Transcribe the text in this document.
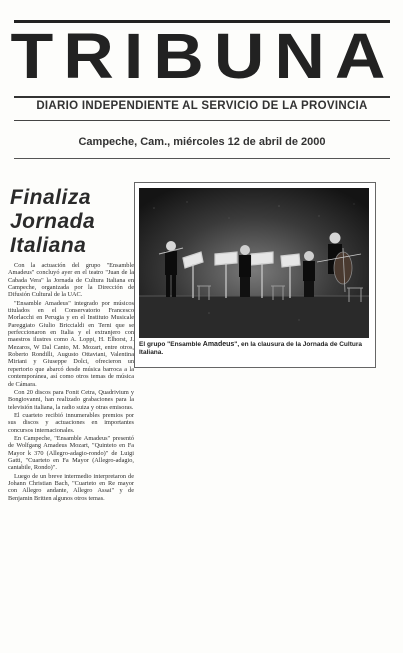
TRIBUNA
DIARIO INDEPENDIENTE AL SERVICIO DE LA PROVINCIA
Campeche, Cam., miércoles 12 de abril de 2000
Finaliza
Jornada
Italiana

Con la actuación del grupo "Ensamble Amadeus" concluyó ayer en el teatro "Juan de la Cabada Vera" la Jornada de Cultura Italiana en Campeche, organizada por la Dirección de Difusión Cultural de la UAC.

"Ensamble Amadeus" integrado por músicos titulados en el Conservatorio Francesco Morlacchi en Perugia y en el Instituto Musicale Pareggiato Giulio Briccialdi en Terni que se perfeccionaron en Italia y el extranjero con maestros ilustres como A. Loppi, H. Elhorst, J. Mezaros, W Dal Canto, M. Mozart, entre otros, Roberto Rondilli, Augusto Ottaviani, Valentina Miriani y Giuseppe Dolci, ofrecieron un repertorio que abarcó desde música barroca a la contemporánea, así como otros temas de música de Cámara.

Con 20 discos para Fonit Cetra, Quadrivium y Bongiovanni, han realizado grabaciones para la televisión italiana, la radio suiza y otras emisoras.

El cuarteto recibió innumerables premios por sus discos y actuaciones en importantes concursos internacionales.

En Campeche, "Ensamble Amadeus" presentó de Wolfgang Amadeus Mozart, "Quinteto en Fa Mayor k 370 (Allegro-adagio-rondo)" de Luigi Gatti, "Cuarteto en Fa Mayor (Allegro-adagio, cantabile, Rondo)".

Luego de un breve intermedio interpretaron de Johann Christian Bach, "Cuarteto en Re mayor con Allegro andante, Allegro Assai" y de Benjamin Britten algunos otros temas.

El grupo "Ensamble Amadeus", en la clausura de la Jornada de Cultura Italiana.
